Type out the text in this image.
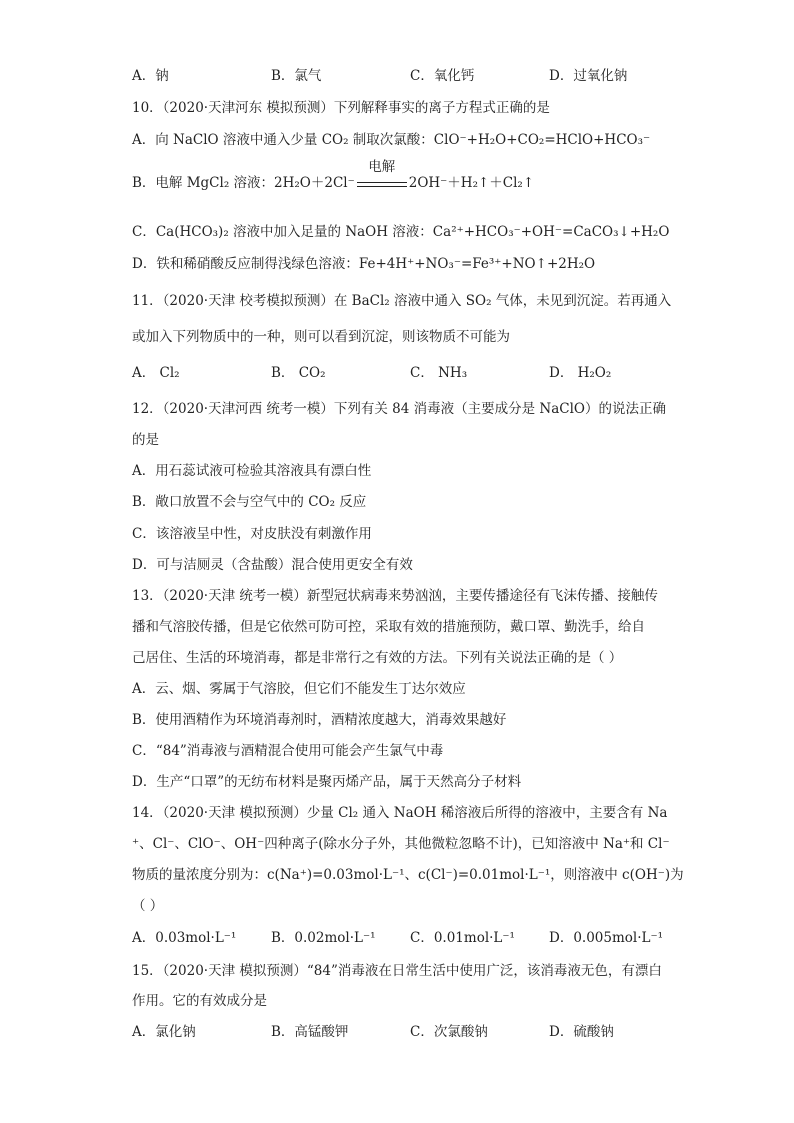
A．钠	B．氯气	C．氧化钙	D．过氧化钠
10．（2020·天津河东 模拟预测）下列解释事实的离子方程式正确的是
A．向 NaClO 溶液中通入少量 CO₂ 制取次氯酸：ClO⁻+H₂O+CO₂=HClO+HCO₃⁻
B．电解 MgCl₂ 溶液：2H₂O＋2Cl⁻
电解
2OH⁻＋H₂↑＋Cl₂↑
C．Ca(HCO₃)₂ 溶液中加入足量的 NaOH 溶液：Ca²⁺+HCO₃⁻+OH⁻=CaCO₃↓+H₂O
D．铁和稀硝酸反应制得浅绿色溶液：Fe+4H⁺+NO₃⁻=Fe³⁺+NO↑+2H₂O
11．（2020·天津 校考模拟预测）在 BaCl₂ 溶液中通入 SO₂ 气体，未见到沉淀。若再通入
或加入下列物质中的一种，则可以看到沉淀，则该物质不可能为
A． Cl₂	B． CO₂	C． NH₃	D． H₂O₂
12．（2020·天津河西 统考一模）下列有关 84 消毒液（主要成分是 NaClO）的说法正确
的是
A．用石蕊试液可检验其溶液具有漂白性
B．敞口放置不会与空气中的 CO₂ 反应
C．该溶液呈中性，对皮肤没有刺激作用
D．可与洁厕灵（含盐酸）混合使用更安全有效
13．（2020·天津 统考一模）新型冠状病毒来势汹汹，主要传播途径有飞沫传播、接触传
播和气溶胶传播，但是它依然可防可控，采取有效的措施预防，戴口罩、勤洗手，给自
己居住、生活的环境消毒，都是非常行之有效的方法。下列有关说法正确的是（ ）
A．云、烟、雾属于气溶胶，但它们不能发生丁达尔效应
B．使用酒精作为环境消毒剂时，酒精浓度越大，消毒效果越好
C．“84”消毒液与酒精混合使用可能会产生氯气中毒
D．生产“口罩”的无纺布材料是聚丙烯产品，属于天然高分子材料
14．（2020·天津 模拟预测）少量 Cl₂ 通入 NaOH 稀溶液后所得的溶液中，主要含有 Na
⁺、Cl⁻、ClO⁻、OH⁻四种离子(除水分子外，其他微粒忽略不计)，已知溶液中 Na⁺和 Cl⁻
物质的量浓度分别为：c(Na⁺)=0.03mol·L⁻¹、c(Cl⁻)=0.01mol·L⁻¹，则溶液中 c(OH⁻)为
（ ）
A．0.03mol·L⁻¹	B．0.02mol·L⁻¹	C．0.01mol·L⁻¹	D．0.005mol·L⁻¹
15．（2020·天津 模拟预测）“84”消毒液在日常生活中使用广泛，该消毒液无色，有漂白
作用。它的有效成分是
A．氯化钠	B．高锰酸钾	C．次氯酸钠	D．硫酸钠
